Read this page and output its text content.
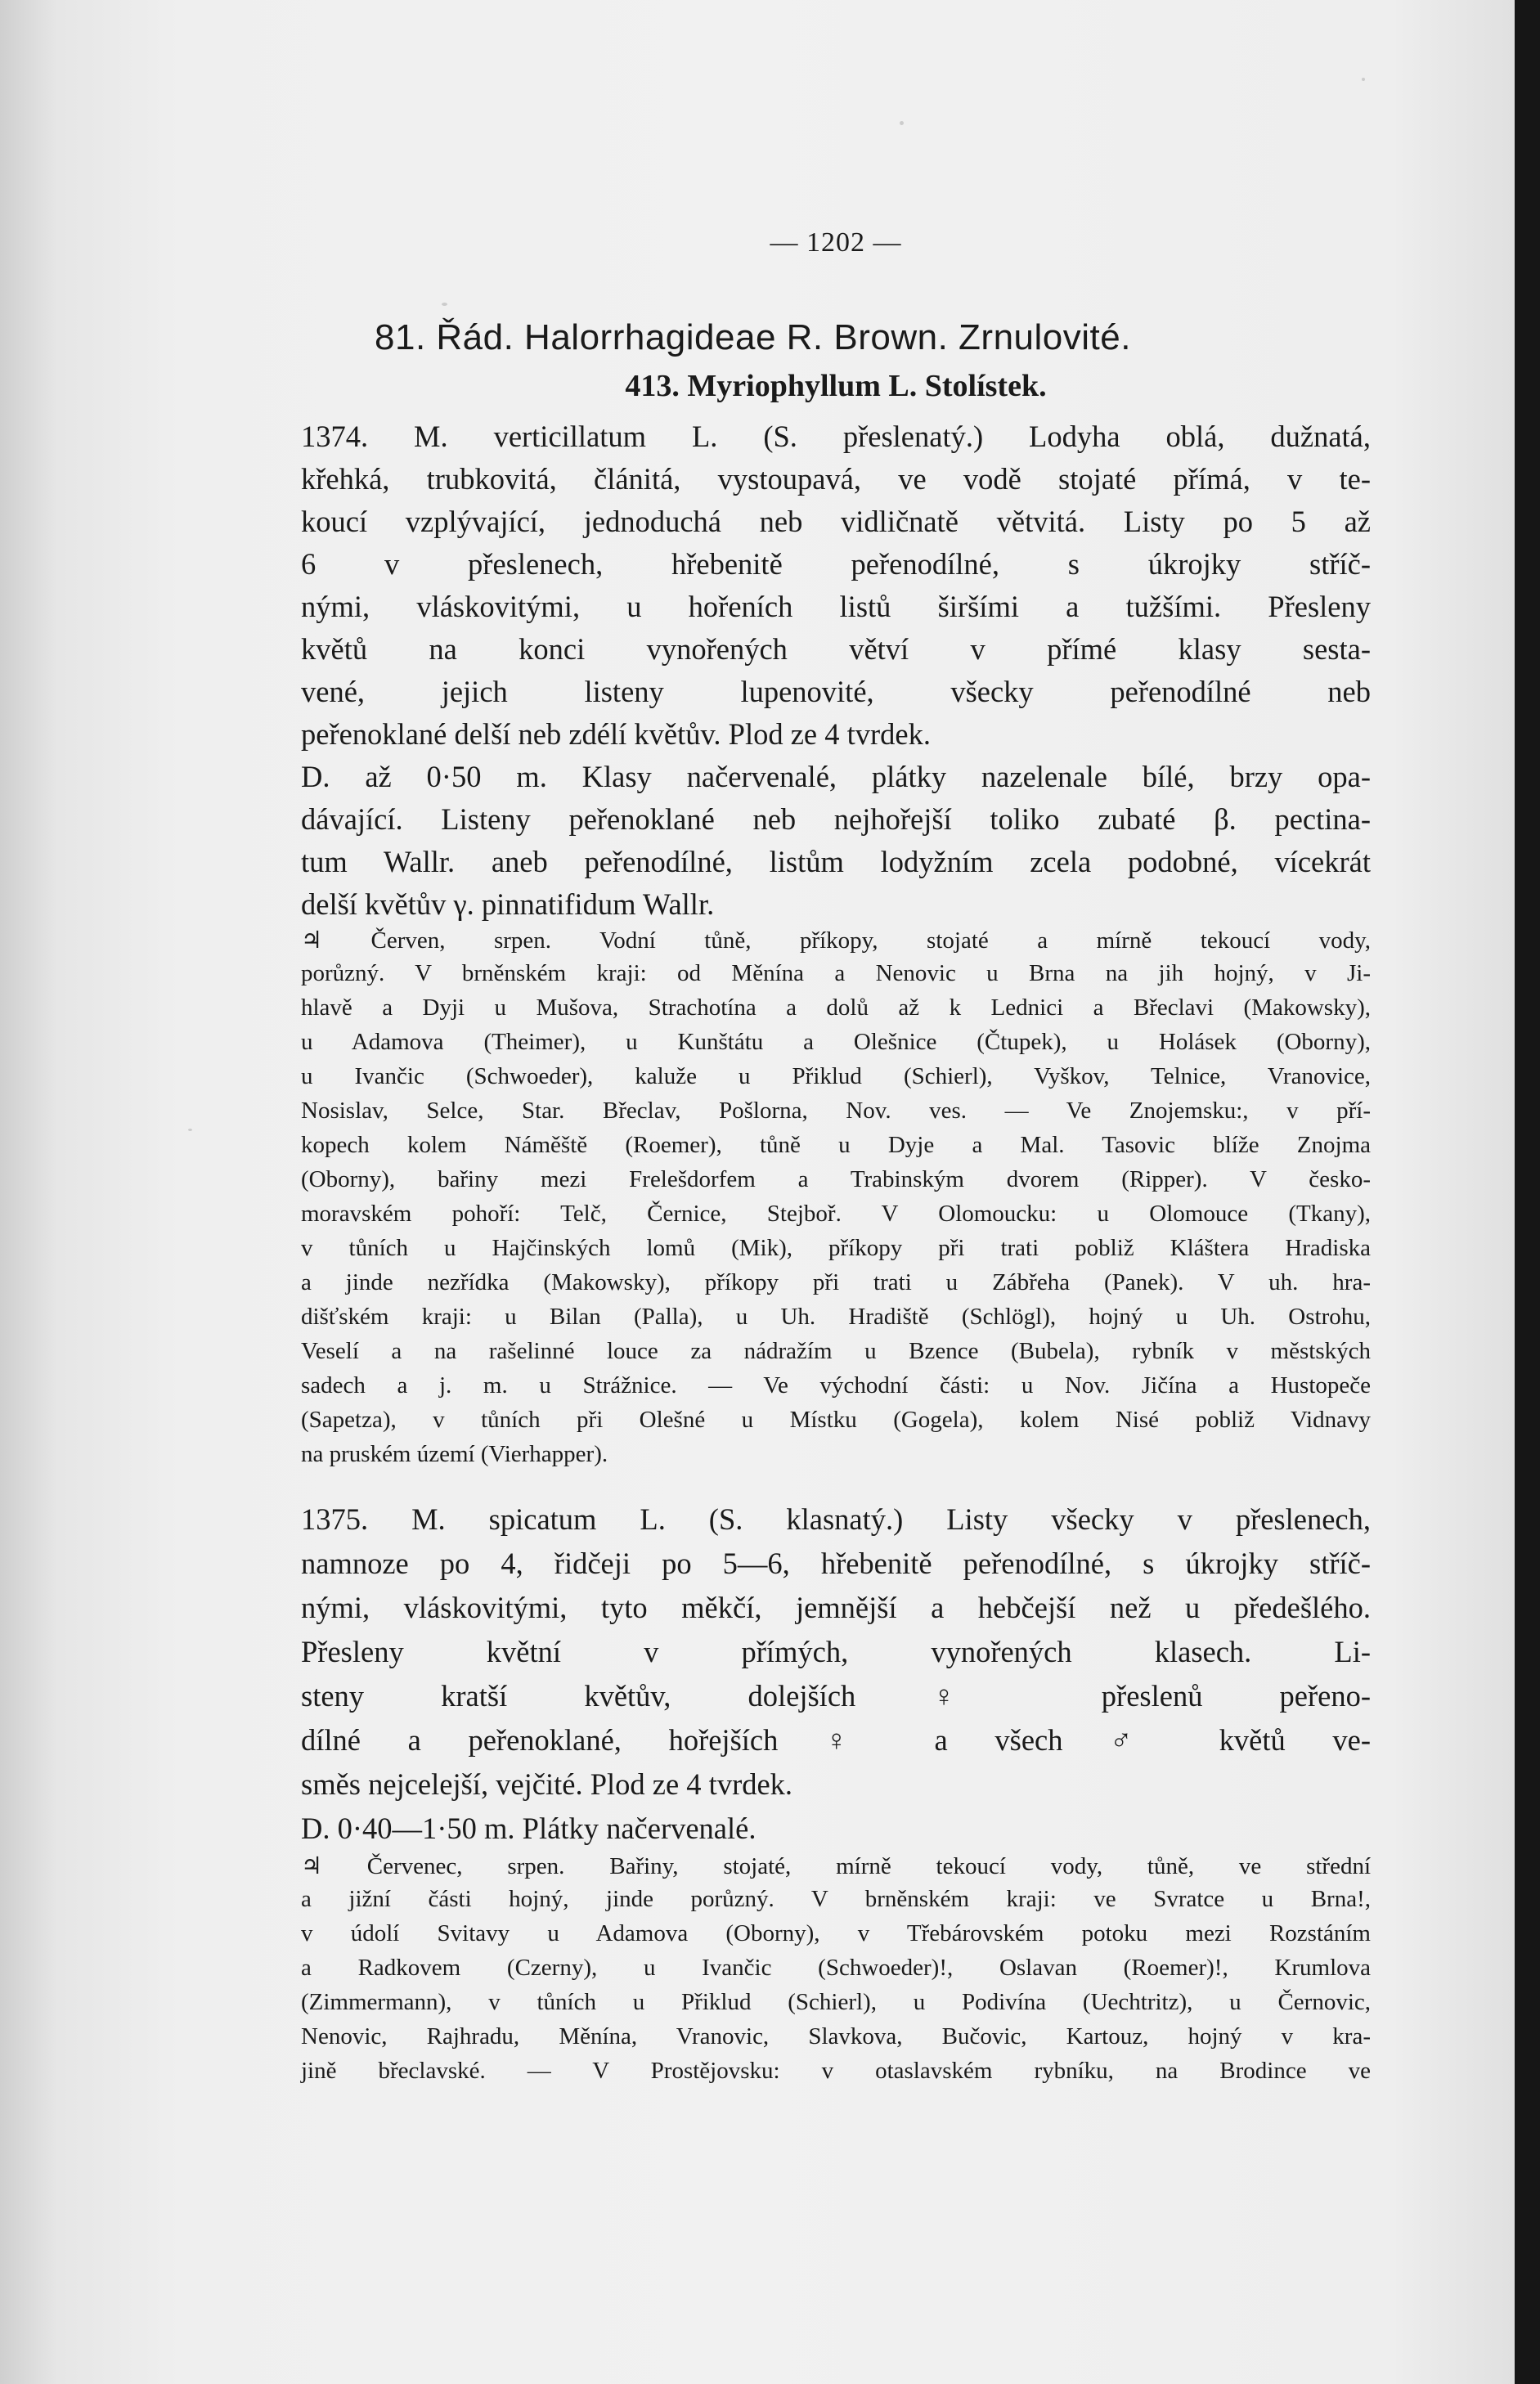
— 1202 —
81. Řád. Halorrhagideae R. Brown. Zrnulovité.
413. Myriophyllum L. Stolístek.
1374. M. verticillatum L. (S. přeslenatý.) Lodyha oblá, dužnatá,
křehká, trubkovitá, článitá, vystoupavá, ve vodě stojaté přímá, v te-
koucí vzplývající, jednoduchá neb vidličnatě větvitá. Listy po 5 až
6 v přeslenech, hřebenitě peřenodílné, s úkrojky stříč-
nými, vláskovitými, u hořeních listů širšími a tužšími. Přesleny
květů na konci vynořených větví v přímé klasy sesta-
vené, jejich listeny lupenovité, všecky peřenodílné neb
peřenoklané delší neb zdélí květův. Plod ze 4 tvrdek.
D. až 0·50 m. Klasy načervenalé, plátky nazelenale bílé, brzy opa-
dávající. Listeny peřenoklané neb nejhořejší toliko zubaté β. pectina-
tum Wallr. aneb peřenodílné, listům lodyžním zcela podobné, vícekrát
delší květův γ. pinnatifidum Wallr.
♃ Červen, srpen. Vodní tůně, příkopy, stojaté a mírně tekoucí vody,
porůzný. V brněnském kraji: od Měnína a Nenovic u Brna na jih hojný, v Ji-
hlavě a Dyji u Mušova, Strachotína a dolů až k Lednici a Břeclavi (Makowsky),
u Adamova (Theimer), u Kunštátu a Olešnice (Čtupek), u Holásek (Oborny),
u Ivančic (Schwoeder), kaluže u Přiklud (Schierl), Vyškov, Telnice, Vranovice,
Nosislav, Selce, Star. Břeclav, Pošlorna, Nov. ves. — Ve Znojemsku:, v pří-
kopech kolem Náměště (Roemer), tůně u Dyje a Mal. Tasovic blíže Znojma
(Oborny), bařiny mezi Frelešdorfem a Trabinským dvorem (Ripper). V česko-
moravském pohoří: Telč, Černice, Stejboř. V Olomoucku: u Olomouce (Tkany),
v tůních u Hajčinských lomů (Mik), příkopy při trati pobliž Kláštera Hradiska
a jinde nezřídka (Makowsky), příkopy při trati u Zábřeha (Panek). V uh. hra-
dišťském kraji: u Bilan (Palla), u Uh. Hradiště (Schlögl), hojný u Uh. Ostrohu,
Veselí a na rašelinné louce za nádražím u Bzence (Bubela), rybník v městských
sadech a j. m. u Strážnice. — Ve východní části: u Nov. Jičína a Hustopeče
(Sapetza), v tůních při Olešné u Místku (Gogela), kolem Nisé pobliž Vidnavy
na pruském území (Vierhapper).
1375. M. spicatum L. (S. klasnatý.) Listy všecky v přeslenech,
namnoze po 4, řidčeji po 5—6, hřebenitě peřenodílné, s úkrojky stříč-
nými, vláskovitými, tyto měkčí, jemnější a hebčejší než u předešlého.
Přesleny květní v přímých, vynořených klasech. Li-
steny kratší květův, dolejších ♀ přeslenů peřeno-
dílné a peřenoklané, hořejších ♀ a všech ♂ květů ve-
směs nejcelejší, vejčité. Plod ze 4 tvrdek.
D. 0·40—1·50 m. Plátky načervenalé.
♃ Červenec, srpen. Bařiny, stojaté, mírně tekoucí vody, tůně, ve střední
a jižní části hojný, jinde porůzný. V brněnském kraji: ve Svratce u Brna!,
v údolí Svitavy u Adamova (Oborny), v Třebárovském potoku mezi Rozstáním
a Radkovem (Czerny), u Ivančic (Schwoeder)!, Oslavan (Roemer)!, Krumlova
(Zimmermann), v tůních u Přiklud (Schierl), u Podivína (Uechtritz), u Černovic,
Nenovic, Rajhradu, Měnína, Vranovic, Slavkova, Bučovic, Kartouz, hojný v kra-
jině břeclavské. — V Prostějovsku: v otaslavském rybníku, na Brodince ve
